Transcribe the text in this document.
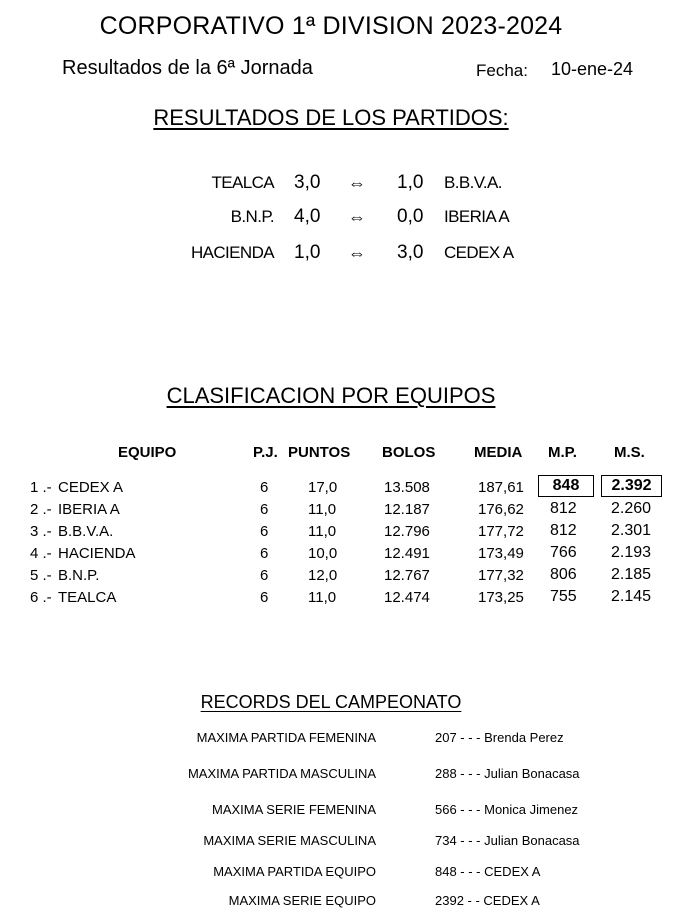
CORPORATIVO 1ª DIVISION 2023-2024
Resultados de la 6ª Jornada	Fecha: 10-ene-24
RESULTADOS DE LOS PARTIDOS:
TEALCA 3,0 ⇔ 1,0 B.B.V.A.
B.N.P. 4,0 ⇔ 0,0 IBERIA A
HACIENDA 1,0 ⇔ 3,0 CEDEX A
CLASIFICACION POR EQUIPOS
EQUIPO	P.J. PUNTOS BOLOS	MEDIA M.P. M.S.
1 .- CEDEX A	6	17,0	13.508	187,61	848	2.392
2 .- IBERIA A	6	11,0	12.187	176,62 812 2.260
3 .- B.B.V.A.	6	11,0	12.796	177,72 812 2.301
4 .- HACIENDA	6	10,0	12.491	173,49 766 2.193
5 .- B.N.P.	6	12,0	12.767	177,32 806 2.185
6 .- TEALCA	6	11,0	12.474	173,25 755 2.145
RECORDS DEL CAMPEONATO
MAXIMA PARTIDA FEMENINA	207 - - - Brenda Perez
MAXIMA PARTIDA MASCULINA	288 - - - Julian Bonacasa
MAXIMA SERIE FEMENINA	566 - - - Monica Jimenez
MAXIMA SERIE MASCULINA	734 - - - Julian Bonacasa
MAXIMA PARTIDA EQUIPO	848 - - - CEDEX A
MAXIMA SERIE EQUIPO	2392 - - CEDEX A
